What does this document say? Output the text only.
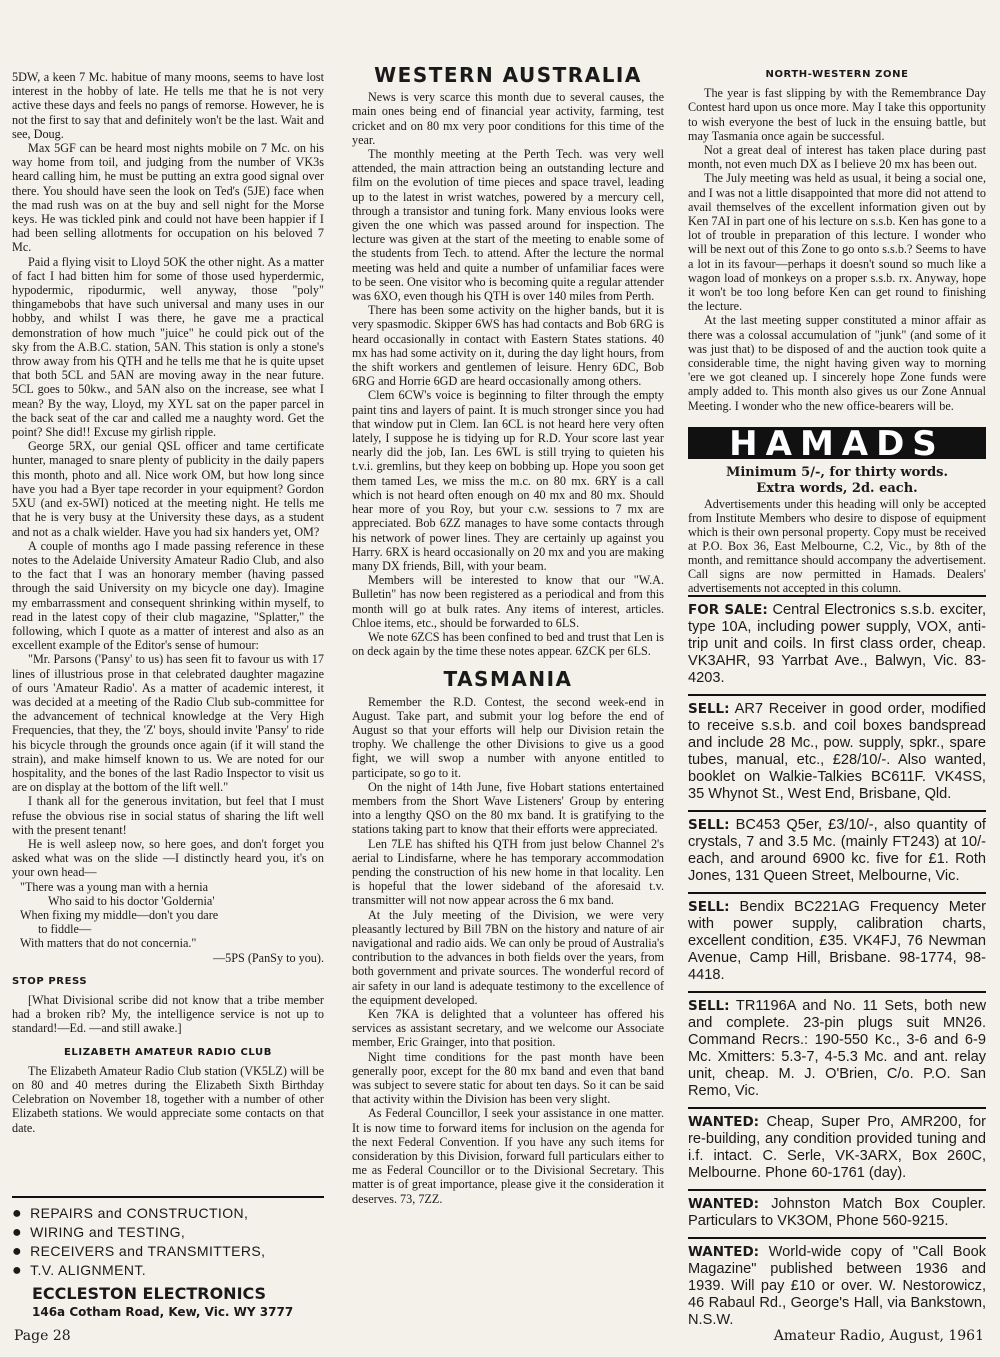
5DW, a keen 7 Mc. habitue of many moons, seems to have lost interest in the hobby of late. He tells me that he is not very active these days and feels no pangs of remorse. However, he is not the first to say that and definitely won't be the last. Wait and see, Doug.

Max 5GF can be heard most nights mobile on 7 Mc. on his way home from toil, and judging from the number of VK3s heard calling him, he must be putting an extra good signal over there. You should have seen the look on Ted's (5JE) face when the mad rush was on at the buy and sell night for the Morse keys. He was tickled pink and could not have been happier if I had been selling allotments for occupation on his beloved 7 Mc.

Paid a flying visit to Lloyd 5OK the other night. As a matter of fact I had bitten him for some of those used hyperdermic, hypodermic, ripodurmic, well anyway, those "poly" thingamebobs that have such universal and many uses in our hobby, and whilst I was there, he gave me a practical demonstration of how much "juice" he could pick out of the sky from the A.B.C. station, 5AN. This station is only a stone's throw away from his QTH and he tells me that he is quite upset that both 5CL and 5AN are moving away in the near future. 5CL goes to 50kw., and 5AN also on the increase, see what I mean? By the way, Lloyd, my XYL sat on the paper parcel in the back seat of the car and called me a naughty word. Get the point? She did!! Excuse my girlish ripple.

George 5RX, our genial QSL officer and tame certificate hunter, managed to snare plenty of publicity in the daily papers this month, photo and all. Nice work OM, but how long since have you had a Byer tape recorder in your equipment? Gordon 5XU (and ex-5WI) noticed at the meeting night. He tells me that he is very busy at the University these days, as a student and not as a chalk wielder. Have you had six handers yet, OM?

A couple of months ago I made passing reference in these notes to the Adelaide University Amateur Radio Club, and also to the fact that I was an honorary member (having passed through the said University on my bicycle one day). Imagine my embarrassment and consequent shrinking within myself, to read in the latest copy of their club magazine, "Splatter," the following, which I quote as a matter of interest and also as an excellent example of the Editor's sense of humour:

"Mr. Parsons ('Pansy' to us) has seen fit to favour us with 17 lines of illustrious prose in that celebrated daughter magazine of ours 'Amateur Radio'. As a matter of academic interest, it was decided at a meeting of the Radio Club sub-committee for the advancement of technical knowledge at the Very High Frequencies, that they, the 'Z' boys, should invite 'Pansy' to ride his bicycle through the grounds once again (if it will stand the strain), and make himself known to us. We are noted for our hospitality, and the bones of the last Radio Inspector to visit us are on display at the bottom of the lift well."

I thank all for the generous invitation, but feel that I must refuse the obvious rise in social status of sharing the lift well with the present tenant!

He is well asleep now, so here goes, and don't forget you asked what was on the slide —I distinctly heard you, it's on your own head—

"There was a young man with a hernia
Who said to his doctor 'Goldernia'
When fixing my middle—don't you dare
to fiddle—
With matters that do not concernia."
—5PS (PanSy to you).
STOP PRESS

[What Divisional scribe did not know that a tribe member had a broken rib? My, the intelligence service is not up to standard!—Ed. —and still awake.]

ELIZABETH AMATEUR RADIO CLUB

The Elizabeth Amateur Radio Club station (VK5LZ) will be on 80 and 40 metres during the Elizabeth Sixth Birthday Celebration on November 18, together with a number of other Elizabeth stations. We would appreciate some contacts on that date.

● REPAIRS and CONSTRUCTION,
● WIRING and TESTING,
● RECEIVERS and TRANSMITTERS,
● T.V. ALIGNMENT.
ECCLESTON ELECTRONICS
146a Cotham Road, Kew, Vic. WY 3777
WESTERN AUSTRALIA

News is very scarce this month due to several causes, the main ones being end of financial year activity, farming, test cricket and on 80 mx very poor conditions for this time of the year.

The monthly meeting at the Perth Tech. was very well attended, the main attraction being an outstanding lecture and film on the evolution of time pieces and space travel, leading up to the latest in wrist watches, powered by a mercury cell, through a transistor and tuning fork. Many envious looks were given the one which was passed around for inspection. The lecture was given at the start of the meeting to enable some of the students from Tech. to attend. After the lecture the normal meeting was held and quite a number of unfamiliar faces were to be seen. One visitor who is becoming quite a regular attender was 6XO, even though his QTH is over 140 miles from Perth.

There has been some activity on the higher bands, but it is very spasmodic. Skipper 6WS has had contacts and Bob 6RG is heard occasionally in contact with Eastern States stations. 40 mx has had some activity on it, during the day light hours, from the shift workers and gentlemen of leisure. Henry 6DC, Bob 6RG and Horrie 6GD are heard occasionally among others.

Clem 6CW's voice is beginning to filter through the empty paint tins and layers of paint. It is much stronger since you had that window put in Clem. Ian 6CL is not heard here very often lately, I suppose he is tidying up for R.D. Your score last year nearly did the job, Ian. Les 6WL is still trying to quieten his t.v.i. gremlins, but they keep on bobbing up. Hope you soon get them tamed Les, we miss the m.c. on 80 mx. 6RY is a call which is not heard often enough on 40 mx and 80 mx. Should hear more of you Roy, but your c.w. sessions to 7 mx are appreciated. Bob 6ZZ manages to have some contacts through his network of power lines. They are certainly up against you Harry. 6RX is heard occasionally on 20 mx and you are making many DX friends, Bill, with your beam.

Members will be interested to know that our "W.A. Bulletin" has now been registered as a periodical and from this month will go at bulk rates. Any items of interest, articles. Chloe items, etc., should be forwarded to 6LS.

We note 6ZCS has been confined to bed and trust that Len is on deck again by the time these notes appear. 6ZCK per 6LS.

TASMANIA

Remember the R.D. Contest, the second week-end in August. Take part, and submit your log before the end of August so that your efforts will help our Division retain the trophy. We challenge the other Divisions to give us a good fight, we will swop a number with anyone entitled to participate, so go to it.

On the night of 14th June, five Hobart stations entertained members from the Short Wave Listeners' Group by entering into a lengthy QSO on the 80 mx band. It is gratifying to the stations taking part to know that their efforts were appreciated.

Len 7LE has shifted his QTH from just below Channel 2's aerial to Lindisfarne, where he has temporary accommodation pending the construction of his new home in that locality. Len is hopeful that the lower sideband of the aforesaid t.v. transmitter will not now appear across the 6 mx band.

At the July meeting of the Division, we were very pleasantly lectured by Bill 7BN on the history and nature of air navigational and radio aids. We can only be proud of Australia's contribution to the advances in both fields over the years, from both government and private sources. The wonderful record of air safety in our land is adequate testimony to the excellence of the equipment developed.

Ken 7KA is delighted that a volunteer has offered his services as assistant secretary, and we welcome our Associate member, Eric Grainger, into that position.

Night time conditions for the past month have been generally poor, except for the 80 mx band and even that band was subject to severe static for about ten days. So it can be said that activity within the Division has been very slight.

As Federal Councillor, I seek your assistance in one matter. It is now time to forward items for inclusion on the agenda for the next Federal Convention. If you have any such items for consideration by this Division, forward full particulars either to me as Federal Councillor or to the Divisional Secretary. This matter is of great importance, please give it the consideration it deserves. 73, 7ZZ.

NORTH-WESTERN ZONE

The year is fast slipping by with the Remembrance Day Contest hard upon us once more. May I take this opportunity to wish everyone the best of luck in the ensuing battle, but may Tasmania once again be successful.

Not a great deal of interest has taken place during past month, not even much DX as I believe 20 mx has been out.

The July meeting was held as usual, it being a social one, and I was not a little disappointed that more did not attend to avail themselves of the excellent information given out by Ken 7AI in part one of his lecture on s.s.b. Ken has gone to a lot of trouble in preparation of this lecture. I wonder who will be next out of this Zone to go onto s.s.b.? Seems to have a lot in its favour—perhaps it doesn't sound so much like a wagon load of monkeys on a proper s.s.b. rx. Anyway, hope it won't be too long before Ken can get round to finishing the lecture.

At the last meeting supper constituted a minor affair as there was a colossal accumulation of "junk" (and some of it was just that) to be disposed of and the auction took quite a considerable time, the night having given way to morning 'ere we got cleaned up. I sincerely hope Zone funds were amply added to. This month also gives us our Zone Annual Meeting. I wonder who the new office-bearers will be.

HAMADS
Minimum 5/-, for thirty words.
Extra words, 2d. each.

Advertisements under this heading will only be accepted from Institute Members who desire to dispose of equipment which is their own personal property. Copy must be received at P.O. Box 36, East Melbourne, C.2, Vic., by 8th of the month, and remittance should accompany the advertisement. Call signs are now permitted in Hamads. Dealers' advertisements not accepted in this column.

FOR SALE: Central Electronics s.s.b. exciter, type 10A, including power supply, VOX, anti-trip unit and coils. In first class order, cheap. VK3AHR, 93 Yarrbat Ave., Balwyn, Vic. 83-4203.
SELL: AR7 Receiver in good order, modified to receive s.s.b. and coil boxes bandspread and include 28 Mc., pow. supply, spkr., spare tubes, manual, etc., £28/10/-. Also wanted, booklet on Walkie-Talkies BC611F. VK4SS, 35 Whynot St., West End, Brisbane, Qld.
SELL: BC453 Q5er, £3/10/-, also quantity of crystals, 7 and 3.5 Mc. (mainly FT243) at 10/- each, and around 6900 kc. five for £1. Roth Jones, 131 Queen Street, Melbourne, Vic.
SELL: Bendix BC221AG Frequency Meter with power supply, calibration charts, excellent condition, £35. VK4FJ, 76 Newman Avenue, Camp Hill, Brisbane. 98-1774, 98-4418.
SELL: TR1196A and No. 11 Sets, both new and complete. 23-pin plugs suit MN26. Command Recrs.: 190-550 Kc., 3-6 and 6-9 Mc. Xmitters: 5.3-7, 4-5.3 Mc. and ant. relay unit, cheap. M. J. O'Brien, C/o. P.O. San Remo, Vic.
WANTED: Cheap, Super Pro, AMR200, for re-building, any condition provided tuning and i.f. intact. C. Serle, VK-3ARX, Box 260C, Melbourne. Phone 60-1761 (day).
WANTED: Johnston Match Box Coupler. Particulars to VK3OM, Phone 560-9215.
WANTED: World-wide copy of "Call Book Magazine" published between 1936 and 1939. Will pay £10 or over. W. Nestorowicz, 46 Rabaul Rd., George's Hall, via Bankstown, N.S.W.
Page 28	Amateur Radio, August, 1961
